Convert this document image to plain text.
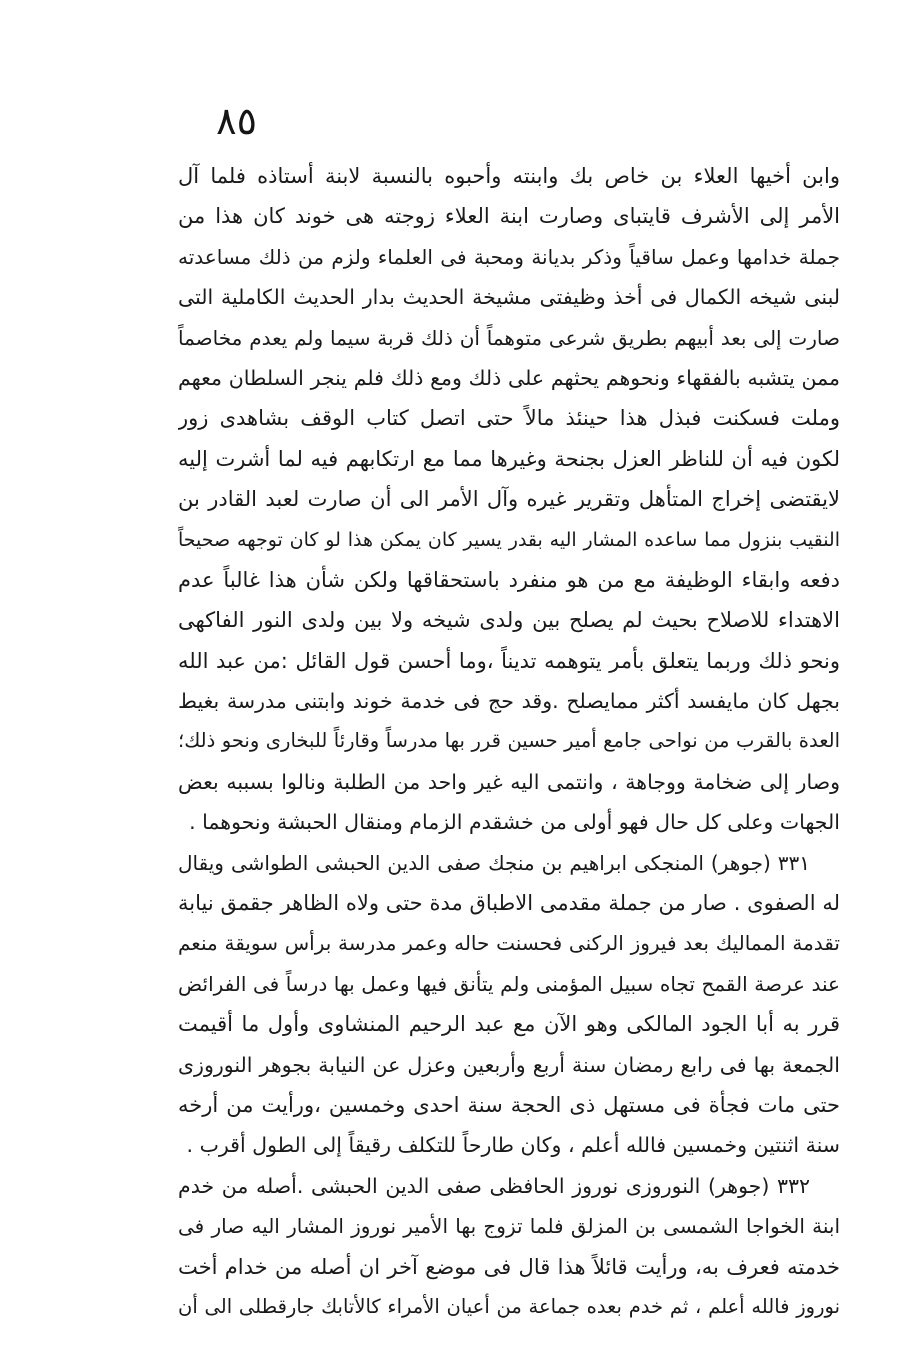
٨٥
وابن أخيها العلاء بن خاص بك وابنته وأحبوه بالنسبة لابنة أستاذه فلما آل
الأمر إلى الأشرف قايتباى وصارت ابنة العلاء زوجته هى خوند كان هذا من
جملة خدامها وعمل ساقياً وذكر بديانة ومحبة فى العلماء ولزم من ذلك مساعدته
لبنى شيخه الكمال فى أخذ وظيفتى مشيخة الحديث بدار الحديث الكاملية التى
صارت إلى بعد أبيهم بطريق شرعى متوهماً أن ذلك قربة سيما ولم يعدم مخاصماً
ممن يتشبه بالفقهاء ونحوهم يحثهم على ذلك ومع ذلك فلم ينجر السلطان معهم
وملت فسكنت فبذل هذا حينئذ مالاً حتى اتصل كتاب الوقف بشاهدى زور
لكون فيه أن للناظر العزل بجنحة وغيرها مما مع ارتكابهم فيه لما أشرت إليه
لايقتضى إخراج المتأهل وتقرير غيره وآل الأمر الى أن صارت لعبد القادر بن
النقيب بنزول مما ساعده المشار اليه بقدر يسير كان يمكن هذا لو كان توجهه صحيحاً
دفعه وابقاء الوظيفة مع من هو منفرد باستحقاقها ولكن شأن هذا غالباً عدم
الاهتداء للاصلاح بحيث لم يصلح بين ولدى شيخه ولا بين ولدى النور الفاكهى
ونحو ذلك وربما يتعلق بأمر يتوهمه تديناً ،وما أحسن قول القائل :من عبد الله
بجهل كان مايفسد أكثر ممايصلح .وقد حج فى خدمة خوند وابتنى مدرسة بغيط
العدة بالقرب من نواحى جامع أمير حسين قرر بها مدرساً وقارئاً للبخارى ونحو ذلك؛
وصار إلى ضخامة ووجاهة ، وانتمى اليه غير واحد من الطلبة ونالوا بسببه بعض
الجهات وعلى كل حال فهو أولى من خشقدم الزمام ومنقال الحبشة ونحوهما .
٣٣١ (جوهر) المنجكى ابراهيم بن منجك صفى الدين الحبشى الطواشى ويقال
له الصفوى . صار من جملة مقدمى الاطباق مدة حتى ولاه الظاهر جقمق نيابة
تقدمة المماليك بعد فيروز الركنى فحسنت حاله وعمر مدرسة برأس سويقة منعم
عند عرصة القمح تجاه سبيل المؤمنى ولم يتأنق فيها وعمل بها درساً فى الفرائض
قرر به أبا الجود المالكى وهو الآن مع عبد الرحيم المنشاوى وأول ما أقيمت
الجمعة بها فى رابع رمضان سنة أربع وأربعين وعزل عن النيابة بجوهر النوروزى
حتى مات فجأة فى مستهل ذى الحجة سنة احدى وخمسين ،ورأيت من أرخه
سنة اثنتين وخمسين فالله أعلم ، وكان طارحاً للتكلف رقيقاً إلى الطول أقرب .
٣٣٢ (جوهر) النوروزى نوروز الحافظى صفى الدين الحبشى .أصله من خدم
ابنة الخواجا الشمسى بن المزلق فلما تزوج بها الأمير نوروز المشار اليه صار فى
خدمته فعرف به، ورأيت قائلاً هذا قال فى موضع آخر ان أصله من خدام أخت
نوروز فالله أعلم ، ثم خدم بعده جماعة من أعيان الأمراء كالأتابك جارقطلى الى أن
